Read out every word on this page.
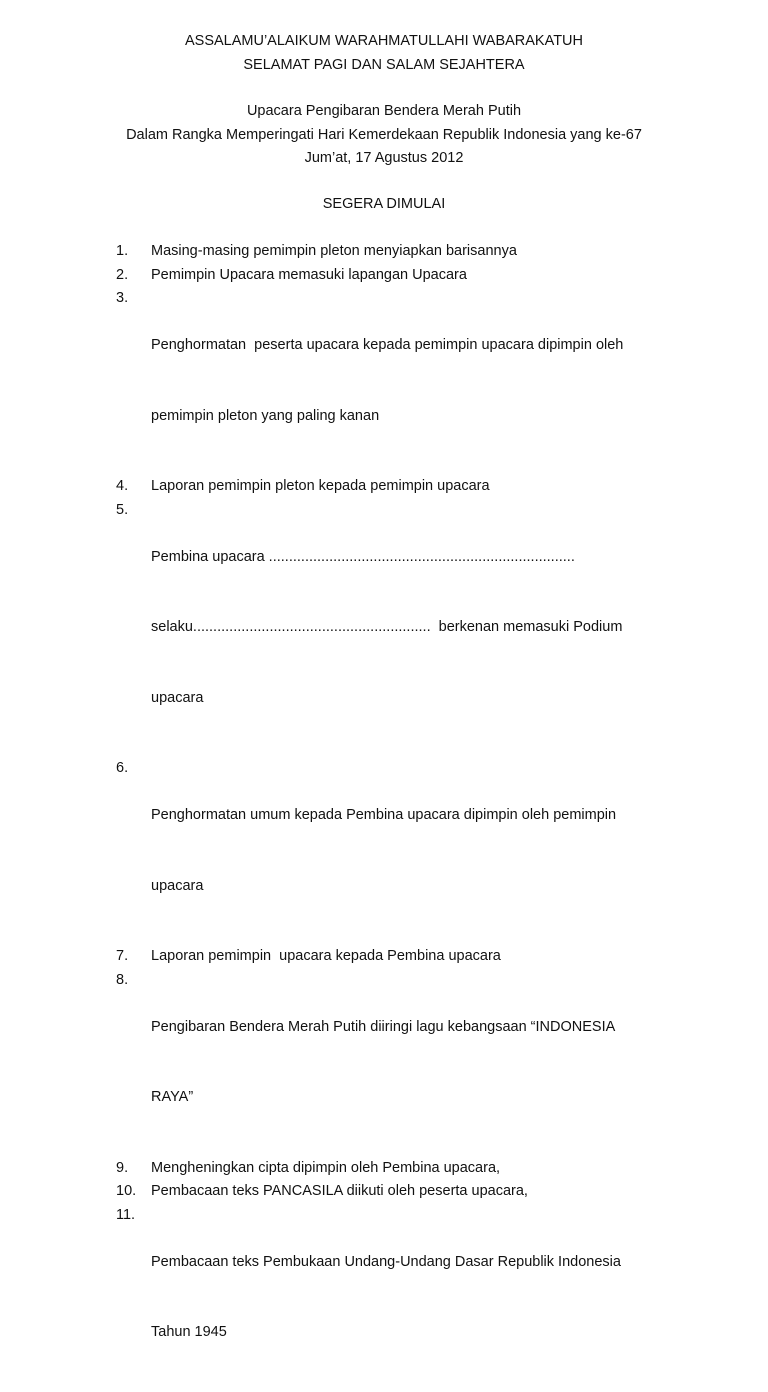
ASSALAMU’ALAIKUM WARAHMATULLAHI WABARAKATUH

SELAMAT PAGI DAN SALAM SEJAHTERA

Upacara Pengibaran Bendera Merah Putih

Dalam Rangka Memperingati Hari Kemerdekaan Republik Indonesia yang ke-67

Jum’at, 17 Agustus 2012

SEGERA DIMULAI

1. Masing-masing pemimpin pleton menyiapkan barisannya
2. Pemimpin Upacara memasuki lapangan Upacara
3.

Penghormatan  peserta upacara kepada pemimpin upacara dipimpin oleh

pemimpin pleton yang paling kanan

4. Laporan pemimpin pleton kepada pemimpin upacara
5.

Pembina upacara ............................................................................

selaku...........................................................  berkenan memasuki Podium

upacara

6.

Penghormatan umum kepada Pembina upacara dipimpin oleh pemimpin

upacara

7. Laporan pemimpin  upacara kepada Pembina upacara
8.

Pengibaran Bendera Merah Putih diiringi lagu kebangsaan “INDONESIA

RAYA”

9. Mengheningkan cipta dipimpin oleh Pembina upacara,
10. Pembacaan teks PANCASILA diikuti oleh peserta upacara,
11.

Pembacaan teks Pembukaan Undang-Undang Dasar Republik Indonesia

Tahun 1945
